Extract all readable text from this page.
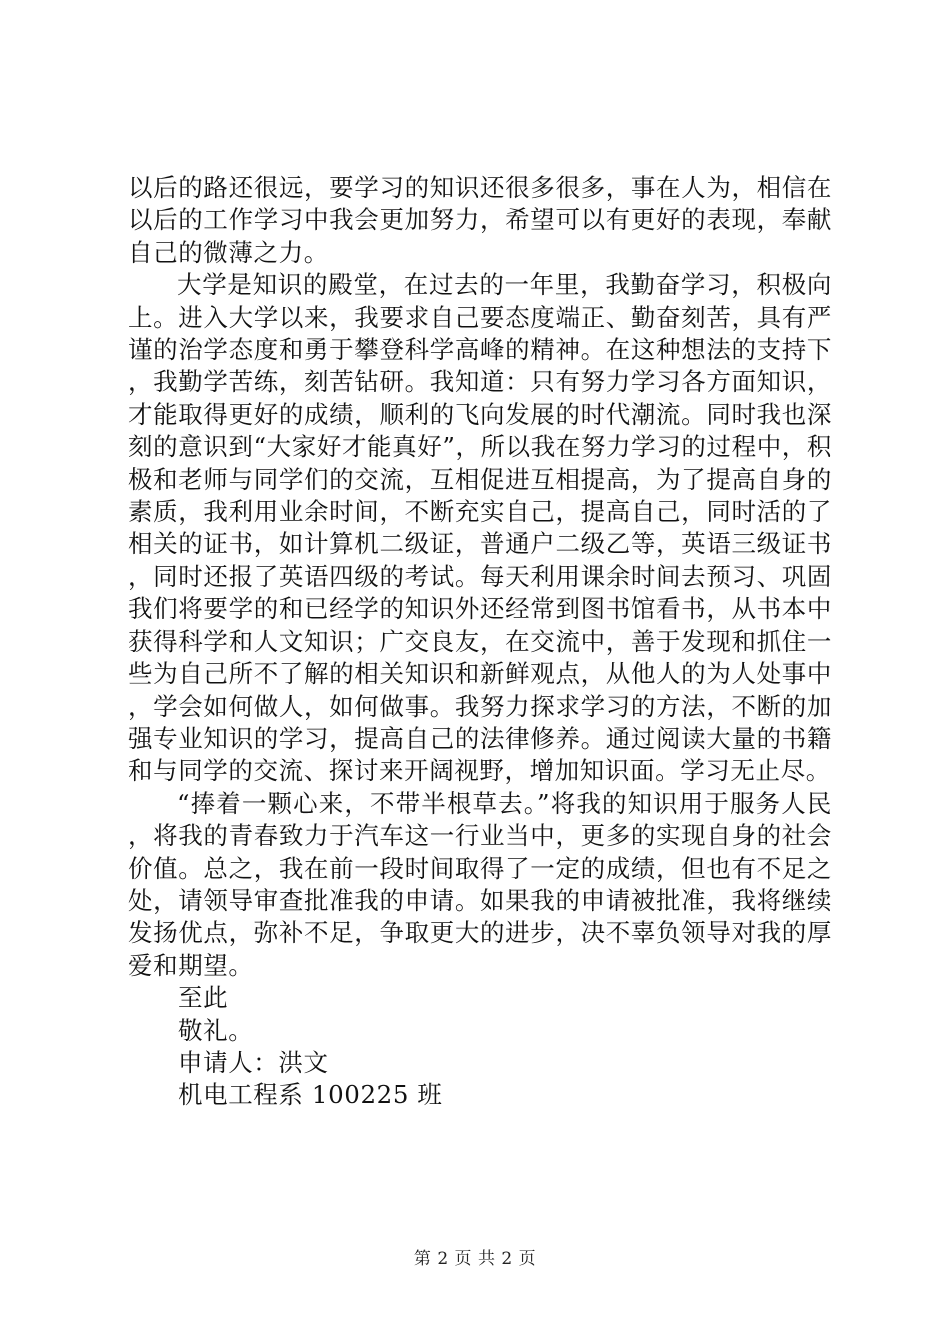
以后的路还很远，要学习的知识还很多很多，事在人为，相信在以后的工作学习中我会更加努力，希望可以有更好的表现，奉献自己的微薄之力。

大学是知识的殿堂，在过去的一年里，我勤奋学习，积极向上。进入大学以来，我要求自己要态度端正、勤奋刻苦，具有严谨的治学态度和勇于攀登科学高峰的精神。在这种想法的支持下，我勤学苦练，刻苦钻研。我知道：只有努力学习各方面知识，才能取得更好的成绩，顺利的飞向发展的时代潮流。同时我也深刻的意识到“大家好才能真好”，所以我在努力学习的过程中，积极和老师与同学们的交流，互相促进互相提高，为了提高自身的素质，我利用业余时间，不断充实自己，提高自己，同时活的了相关的证书，如计算机二级证，普通户二级乙等，英语三级证书，同时还报了英语四级的考试。每天利用课余时间去预习、巩固我们将要学的和已经学的知识外还经常到图书馆看书，从书本中获得科学和人文知识；广交良友，在交流中，善于发现和抓住一些为自己所不了解的相关知识和新鲜观点，从他人的为人处事中，学会如何做人，如何做事。我努力探求学习的方法，不断的加强专业知识的学习，提高自己的法律修养。通过阅读大量的书籍和与同学的交流、探讨来开阔视野，增加知识面。学习无止尽。

“捧着一颗心来，不带半根草去。”将我的知识用于服务人民，将我的青春致力于汽车这一行业当中，更多的实现自身的社会价值。总之，我在前一段时间取得了一定的成绩，但也有不足之处，请领导审查批准我的申请。如果我的申请被批准，我将继续发扬优点，弥补不足，争取更大的进步，决不辜负领导对我的厚爱和期望。

至此

敬礼。

申请人：洪文

机电工程系 100225 班

第 2 页 共 2 页
